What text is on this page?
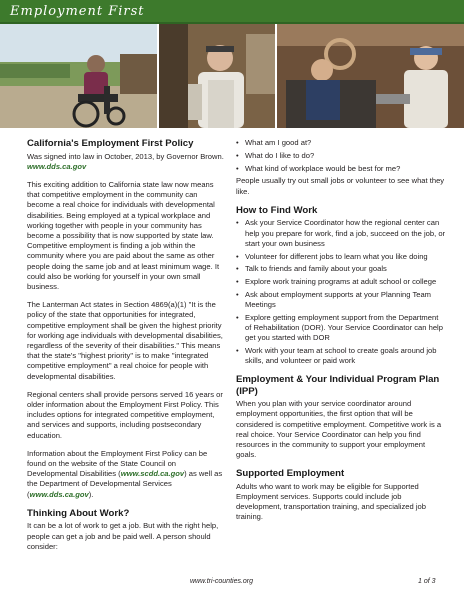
Employment First
California's Employment First Policy

Was signed into law in October, 2013, by Governor Brown. www.dds.ca.gov

This exciting addition to California state law now means that competitive employment in the community can become a real choice for individuals with developmental disabilities. Being employed at a typical workplace and working together with people in your community has become a possibility that is now supported by state law. Competitive employment is finding a job within the community where you are paid about the same as other people doing the same job and at least minimum wage. It could also be working for yourself in your own small business.

The Lanterman Act states in Section 4869(a)(1) "It is the policy of the state that opportunities for integrated, competitive employment shall be given the highest priority for working age individuals with developmental disabilities, regardless of the severity of their disabilities." This means that the state's "highest priority" is to make "integrated competitive employment" a real choice for people with developmental disabilities.

Regional centers shall provide persons served 16 years or older information about the Employment First Policy. This includes options for integrated competitive employment, and services and supports, including postsecondary education.

Information about the Employment First Policy can be found on the website of the State Council on Developmental Disabilities (www.scdd.ca.gov) as well as the Department of Developmental Services (www.dds.ca.gov).

Thinking About Work?

It can be a lot of work to get a job. But with the right help, people can get a job and be paid well. A person should consider:

• What am I good at?
• What do I like to do?
• What kind of workplace would be best for me?

People usually try out small jobs or volunteer to see what they like.

How to Find Work
• Ask your Service Coordinator how the regional center can help you prepare for work, find a job, succeed on the job, or start your own business
• Volunteer for different jobs to learn what you like doing
• Talk to friends and family about your goals
• Explore work training programs at adult school or college
• Ask about employment supports at your Planning Team Meetings
• Explore getting employment support from the Department of Rehabilitation (DOR). Your Service Coordinator can help get you started with DOR
• Work with your team at school to create goals around job skills, and volunteer or paid work
Employment & Your Individual Program Plan (IPP)

When you plan with your service coordinator around employment opportunities, the first option that will be considered is competitive employment. Competitive work is a real choice. Your Service Coordinator can help you find resources in the community to support your employment goals.

Supported Employment

Adults who want to work may be eligible for Supported Employment services. Supports could include job development, transportation training, and specialized job training.

www.tri-counties.org	1 of 3
